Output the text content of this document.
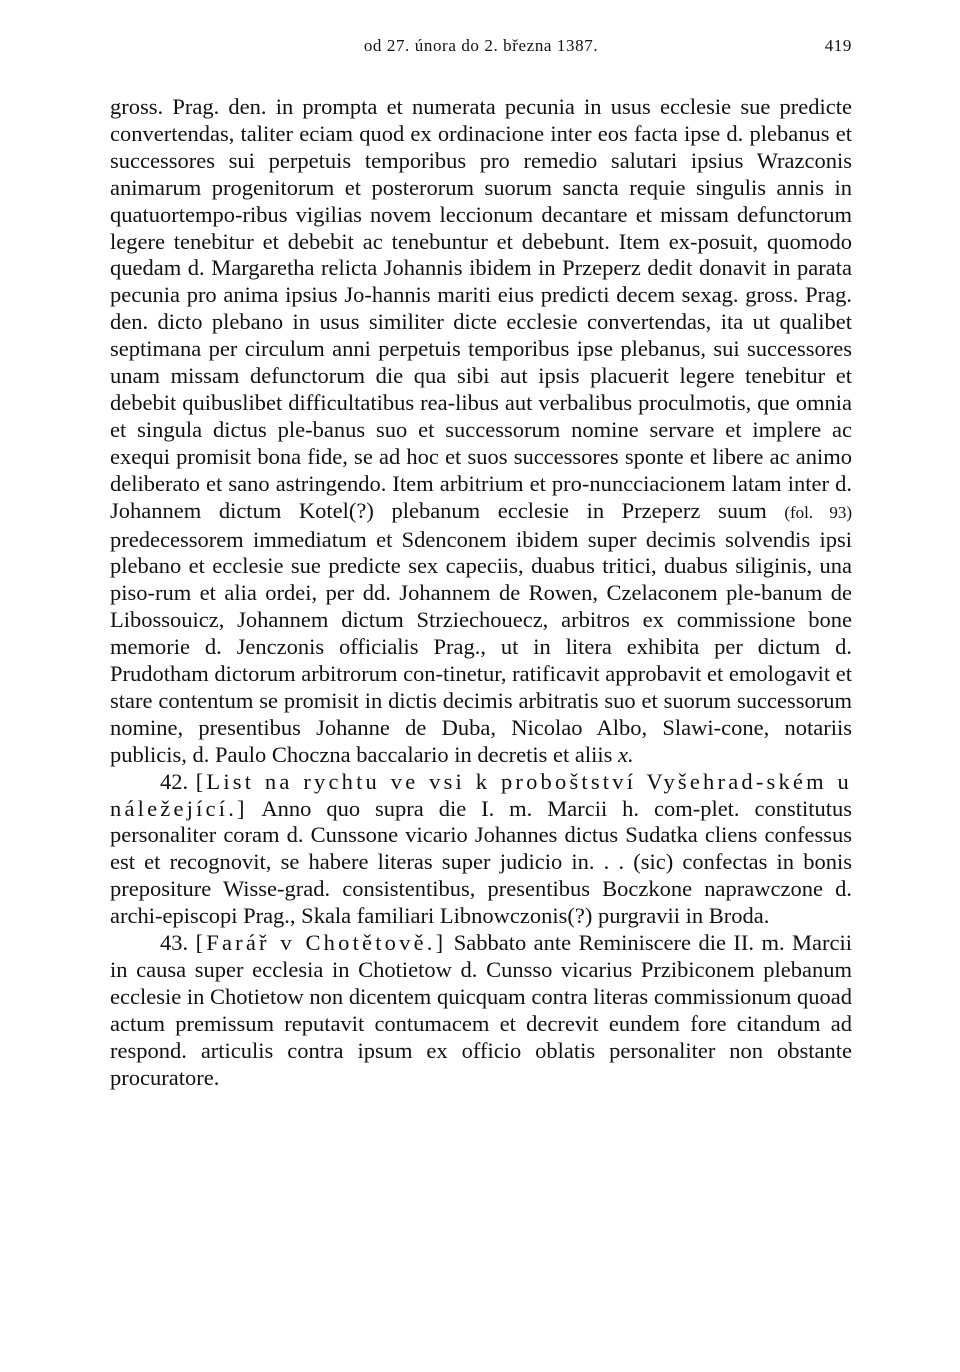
od 27. února do 2. března 1387.	419

gross. Prag. den. in prompta et numerata pecunia in usus ecclesie sue predicte convertendas, taliter eciam quod ex ordinacione inter eos facta ipse d. plebanus et successores sui perpetuis temporibus pro remedio salutari ipsius Wrazconis animarum progenitorum et posterorum suorum sancta requie singulis annis in quatuortempo-ribus vigilias novem leccionum decantare et missam defunctorum legere tenebitur et debebit ac tenebuntur et debebunt. Item ex-posuit, quomodo quedam d. Margaretha relicta Johannis ibidem in Przeperz dedit donavit in parata pecunia pro anima ipsius Jo-hannis mariti eius predicti decem sexag. gross. Prag. den. dicto plebano in usus similiter dicte ecclesie convertendas, ita ut qualibet septimana per circulum anni perpetuis temporibus ipse plebanus, sui successores unam missam defunctorum die qua sibi aut ipsis placuerit legere tenebitur et debebit quibuslibet difficultatibus rea-libus aut verbalibus proculmotis, que omnia et singula dictus ple-banus suo et successorum nomine servare et implere ac exequi promisit bona fide, se ad hoc et suos successores sponte et libere ac animo deliberato et sano astringendo. Item arbitrium et pro-nuncciacionem latam inter d. Johannem dictum Kotel(?) plebanum ecclesie in Przeperz suum (fol. 93) predecessorem immediatum et Sdenconem ibidem super decimis solvendis ipsi plebano et ecclesie sue predicte sex capeciis, duabus tritici, duabus siliginis, una piso-rum et alia ordei, per dd. Johannem de Rowen, Czelaconem ple-banum de Libossouicz, Johannem dictum Strziechouecz, arbitros ex commissione bone memorie d. Jenczonis officialis Prag., ut in litera exhibita per dictum d. Prudotham dictorum arbitrorum con-tinetur, ratificavit approbavit et emologavit et stare contentum se promisit in dictis decimis arbitratis suo et suorum successorum nomine, presentibus Johanne de Duba, Nicolao Albo, Slawi-cone, notariis publicis, d. Paulo Choczna baccalario in decretis et aliis x.

42. [List na rychtu ve vsi k proboštství Vyšehrad-ském u náležející.] Anno quo supra die I. m. Marcii h. com-plet. constitutus personaliter coram d. Cunssone vicario Johannes dictus Sudatka cliens confessus est et recognovit, se habere literas super judicio in. . . (sic) confectas in bonis prepositure Wisse-grad. consistentibus, presentibus Boczkone naprawczone d. archi-episcopi Prag., Skala familiari Libnowczonis(?) purgravii in Broda.

43. [Farář v Chotětově.] Sabbato ante Reminiscere die II. m. Marcii in causa super ecclesia in Chotietow d. Cunsso vicarius Przibiconem plebanum ecclesie in Chotietow non dicentem quicquam contra literas commissionum quoad actum premissum reputavit contumacem et decrevit eundem fore citandum ad respond. articulis contra ipsum ex officio oblatis personaliter non obstante procuratore.
